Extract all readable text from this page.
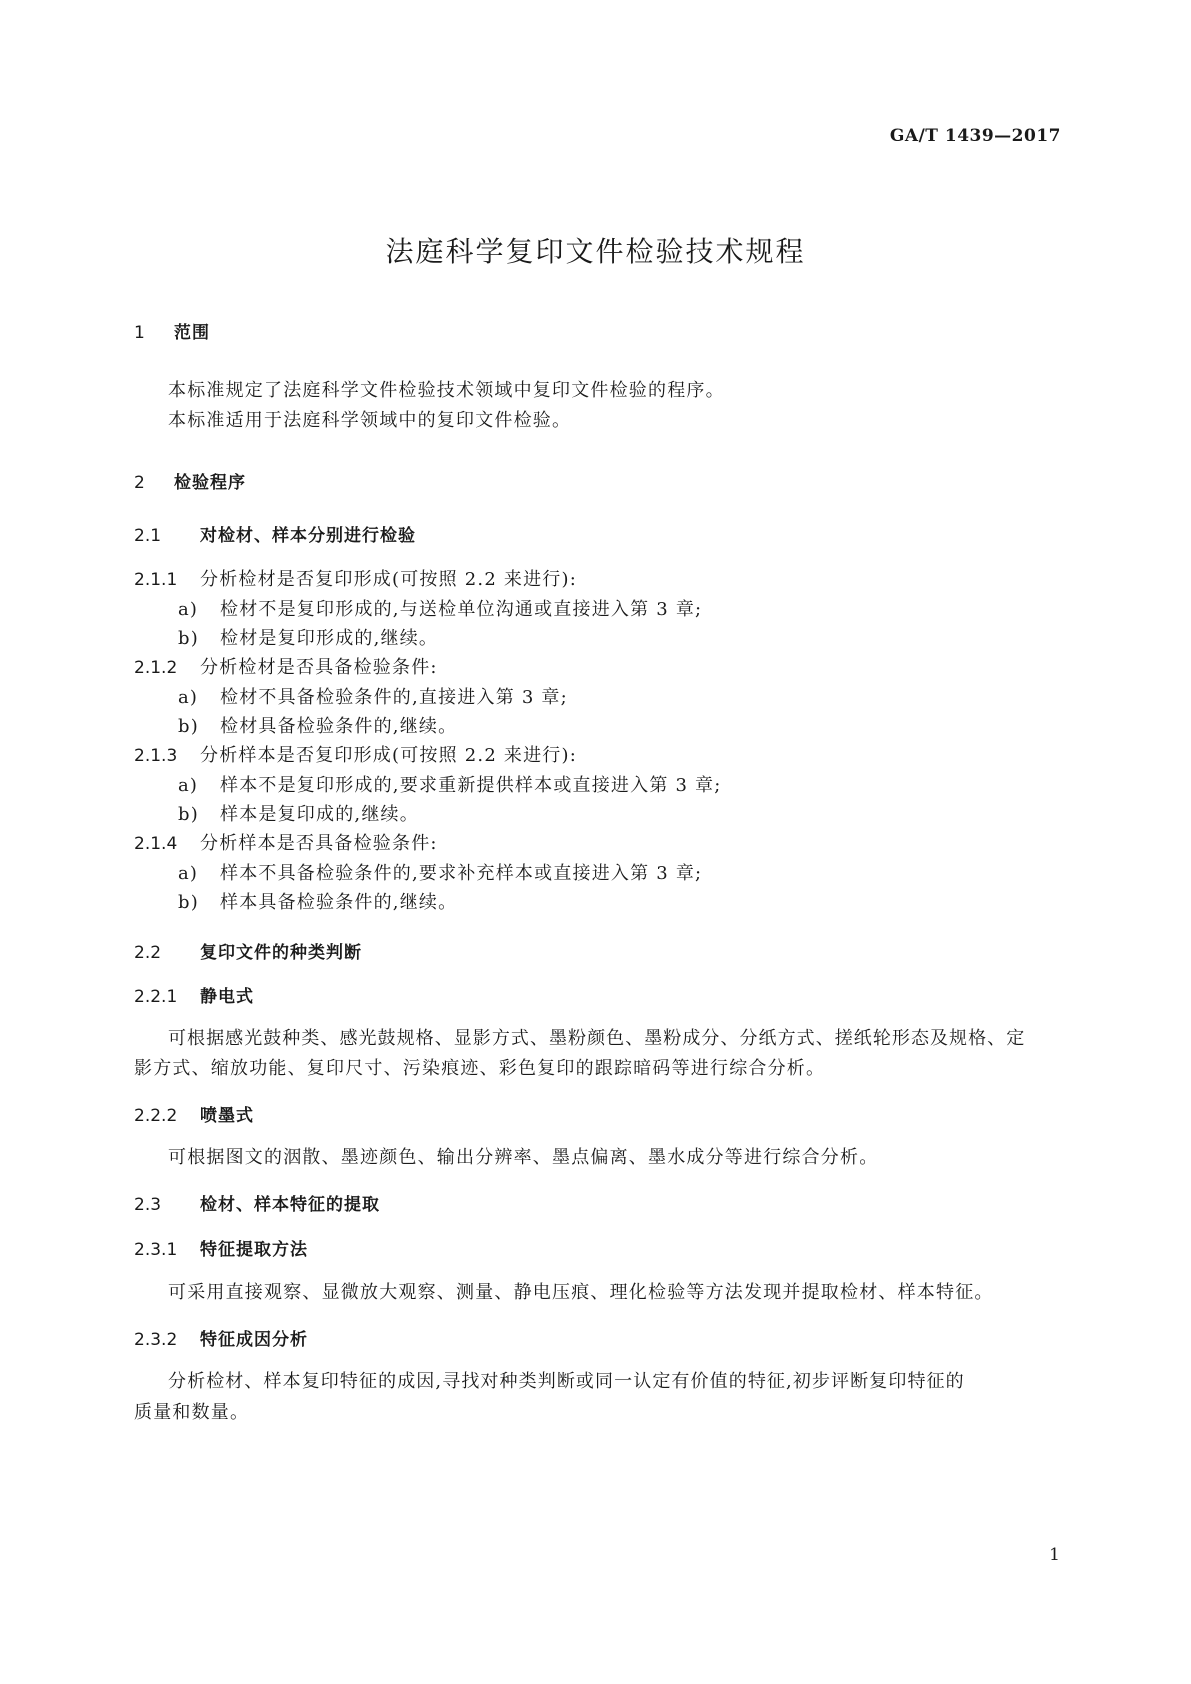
GA/T 1439—2017
法庭科学复印文件检验技术规程
1 范围
本标准规定了法庭科学文件检验技术领域中复印文件检验的程序。
本标准适用于法庭科学领域中的复印文件检验。
2 检验程序
2.1 对检材、样本分别进行检验
2.1.1 分析检材是否复印形成(可按照 2.2 来进行):
a) 检材不是复印形成的,与送检单位沟通或直接进入第 3 章;
b) 检材是复印形成的,继续。
2.1.2 分析检材是否具备检验条件:
a) 检材不具备检验条件的,直接进入第 3 章;
b) 检材具备检验条件的,继续。
2.1.3 分析样本是否复印形成(可按照 2.2 来进行):
a) 样本不是复印形成的,要求重新提供样本或直接进入第 3 章;
b) 样本是复印成的,继续。
2.1.4 分析样本是否具备检验条件:
a) 样本不具备检验条件的,要求补充样本或直接进入第 3 章;
b) 样本具备检验条件的,继续。
2.2 复印文件的种类判断
2.2.1 静电式
可根据感光鼓种类、感光鼓规格、显影方式、墨粉颜色、墨粉成分、分纸方式、搓纸轮形态及规格、定
影方式、缩放功能、复印尺寸、污染痕迹、彩色复印的跟踪暗码等进行综合分析。
2.2.2 喷墨式
可根据图文的洇散、墨迹颜色、输出分辨率、墨点偏离、墨水成分等进行综合分析。
2.3 检材、样本特征的提取
2.3.1 特征提取方法
可采用直接观察、显微放大观察、测量、静电压痕、理化检验等方法发现并提取检材、样本特征。
2.3.2 特征成因分析
分析检材、样本复印特征的成因,寻找对种类判断或同一认定有价值的特征,初步评断复印特征的
质量和数量。
1
